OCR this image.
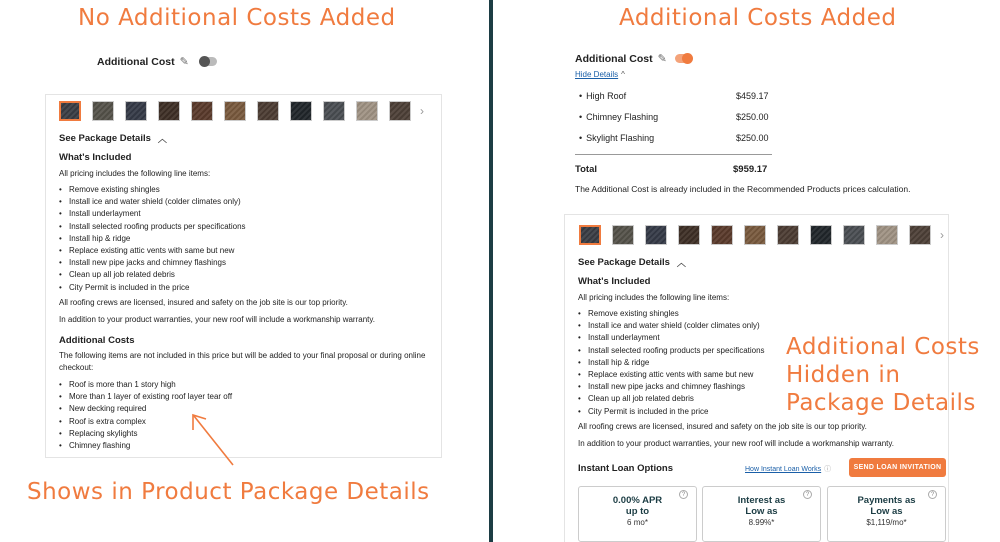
No Additional Costs Added
Additional Cost ✎
›
See Package Details ︿
What's Included
All pricing includes the following line items:
• Remove existing shingles
• Install ice and water shield (colder climates only)
• Install underlayment
• Install selected roofing products per specifications
• Install hip & ridge
• Replace existing attic vents with same but new
• Install new pipe jacks and chimney flashings
• Clean up all job related debris
• City Permit is included in the price
All roofing crews are licensed, insured and safety on the job site is our top priority.
In addition to your product warranties, your new roof will include a workmanship warranty.
Additional Costs
The following items are not included in this price but will be added to your final proposal or during online checkout:
• Roof is more than 1 story high
• More than 1 layer of existing roof layer tear off
• New decking required
• Roof is extra complex
• Replacing skylights
• Chimney flashing
Shows in Product Package Details
Additional Costs Added
Additional Cost ✎
Hide Details ^
• High Roof	$459.17
• Chimney Flashing	$250.00
• Skylight Flashing	$250.00
Total	$959.17
The Additional Cost is already included in the Recommended Products prices calculation.
›
See Package Details ︿
What's Included
All pricing includes the following line items:
• Remove existing shingles
• Install ice and water shield (colder climates only)
• Install underlayment
• Install selected roofing products per specifications
• Install hip & ridge
• Replace existing attic vents with same but new
• Install new pipe jacks and chimney flashings
• Clean up all job related debris
• City Permit is included in the price
All roofing crews are licensed, insured and safety on the job site is our top priority.
In addition to your product warranties, your new roof will include a workmanship warranty.
Additional Costs
Hidden in
Package Details
Instant Loan Options	How Instant Loan Works ⓘ	SEND LOAN INVITATION
?
0.00% APR
up to
6 mo*
?
Interest as
Low as
8.99%*
?
Payments as
Low as
$1,119/mo*
